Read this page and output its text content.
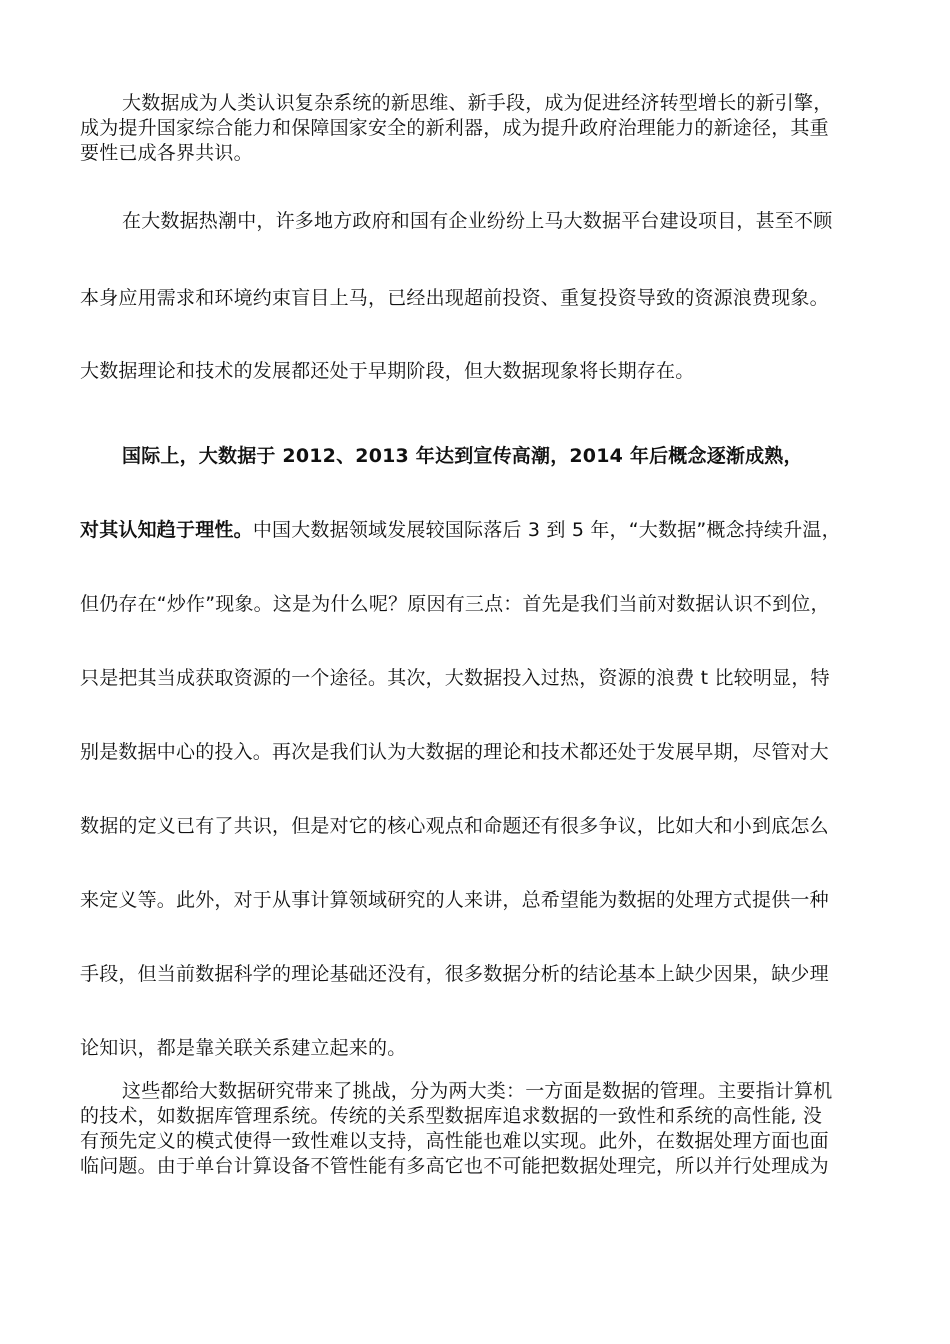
大数据成为人类认识复杂系统的新思维、新手段，成为促进经济转型增长的新引擎，
成为提升国家综合能力和保障国家安全的新利器，成为提升政府治理能力的新途径，其重
要性已成各界共识。
在大数据热潮中，许多地方政府和国有企业纷纷上马大数据平台建设项目，甚至不顾
本身应用需求和环境约束盲目上马，已经出现超前投资、重复投资导致的资源浪费现象。
大数据理论和技术的发展都还处于早期阶段，但大数据现象将长期存在。
国际上，大数据于 2012、2013 年达到宣传高潮，2014 年后概念逐渐成熟，
对其认知趋于理性。中国大数据领域发展较国际落后 3 到 5 年，“大数据”概念持续升温，
但仍存在“炒作”现象。这是为什么呢？原因有三点：首先是我们当前对数据认识不到位，
只是把其当成获取资源的一个途径。其次，大数据投入过热，资源的浪费 t 比较明显，特
别是数据中心的投入。再次是我们认为大数据的理论和技术都还处于发展早期，尽管对大
数据的定义已有了共识，但是对它的核心观点和命题还有很多争议，比如大和小到底怎么
来定义等。此外，对于从事计算领域研究的人来讲，总希望能为数据的处理方式提供一种
手段，但当前数据科学的理论基础还没有，很多数据分析的结论基本上缺少因果，缺少理
论知识，都是靠关联关系建立起来的。
这些都给大数据研究带来了挑战，分为两大类：一方面是数据的管理。主要指计算机
的技术，如数据库管理系统。传统的关系型数据库追求数据的一致性和系统的高性能, 没
有预先定义的模式使得一致性难以支持，高性能也难以实现。此外，在数据处理方面也面
临问题。由于单台计算设备不管性能有多高它也不可能把数据处理完，所以并行处理成为
